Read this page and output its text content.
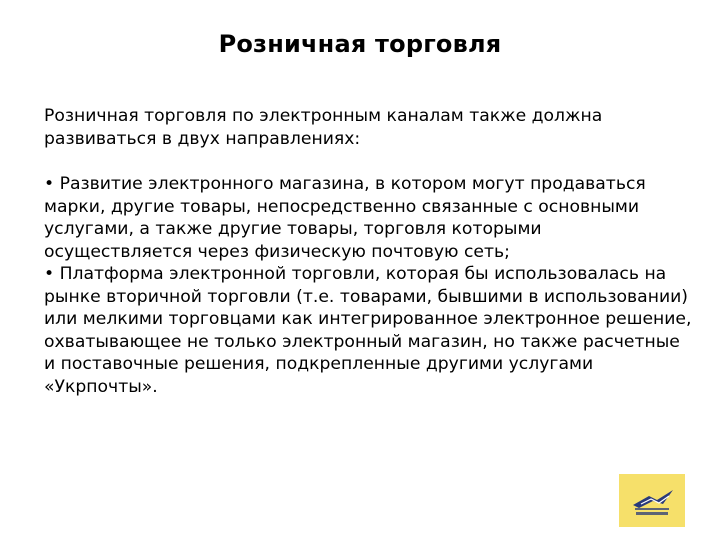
Розничная торговля

Розничная торговля по электронным каналам также должна развиваться в двух направлениях:

• Развитие электронного магазина, в котором могут продаваться марки, другие товары, непосредственно связанные с основными услугами, а также другие товары, торговля которыми осуществляется через физическую почтовую сеть;

• Платформа электронной торговли, которая бы использовалась на рынке вторичной торговли (т.е. товарами, бывшими в использовании) или мелкими торговцами как интегрированное электронное решение, охватывающее не только электронный магазин, но также расчетные и поставочные решения, подкрепленные другими услугами «Укрпочты».
